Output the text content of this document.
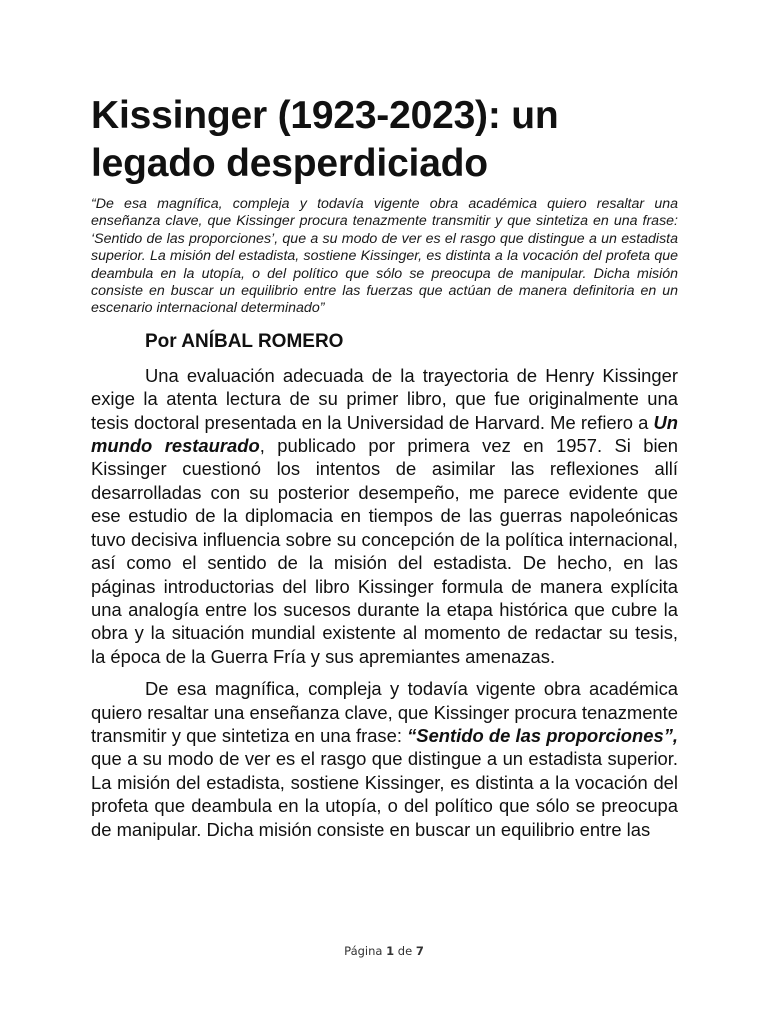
Kissinger (1923-2023): un legado desperdiciado

“De esa magnífica, compleja y todavía vigente obra académica quiero resaltar una enseñanza clave, que Kissinger procura tenazmente transmitir y que sintetiza en una frase: ‘Sentido de las proporciones’, que a su modo de ver es el rasgo que distingue a un estadista superior. La misión del estadista, sostiene Kissinger, es distinta a la vocación del profeta que deambula en la utopía, o del político que sólo se preocupa de manipular. Dicha misión consiste en buscar un equilibrio entre las fuerzas que actúan de manera definitoria en un escenario internacional determinado”

Por ANÍBAL ROMERO

Una evaluación adecuada de la trayectoria de Henry Kissinger exige la atenta lectura de su primer libro, que fue originalmente una tesis doctoral presentada en la Universidad de Harvard. Me refiero a Un mundo restaurado, publicado por primera vez en 1957. Si bien Kissinger cuestionó los intentos de asimilar las reflexiones allí desarrolladas con su posterior desempeño, me parece evidente que ese estudio de la diplomacia en tiempos de las guerras napoleónicas tuvo decisiva influencia sobre su concepción de la política internacional, así como el sentido de la misión del estadista. De hecho, en las páginas introductorias del libro Kissinger formula de manera explícita una analogía entre los sucesos durante la etapa histórica que cubre la obra y la situación mundial existente al momento de redactar su tesis, la época de la Guerra Fría y sus apremiantes amenazas.

De esa magnífica, compleja y todavía vigente obra académica quiero resaltar una enseñanza clave, que Kissinger procura tenazmente transmitir y que sintetiza en una frase: “Sentido de las proporciones”, que a su modo de ver es el rasgo que distingue a un estadista superior. La misión del estadista, sostiene Kissinger, es distinta a la vocación del profeta que deambula en la utopía, o del político que sólo se preocupa de manipular. Dicha misión consiste en buscar un equilibrio entre las

Página 1 de 7
